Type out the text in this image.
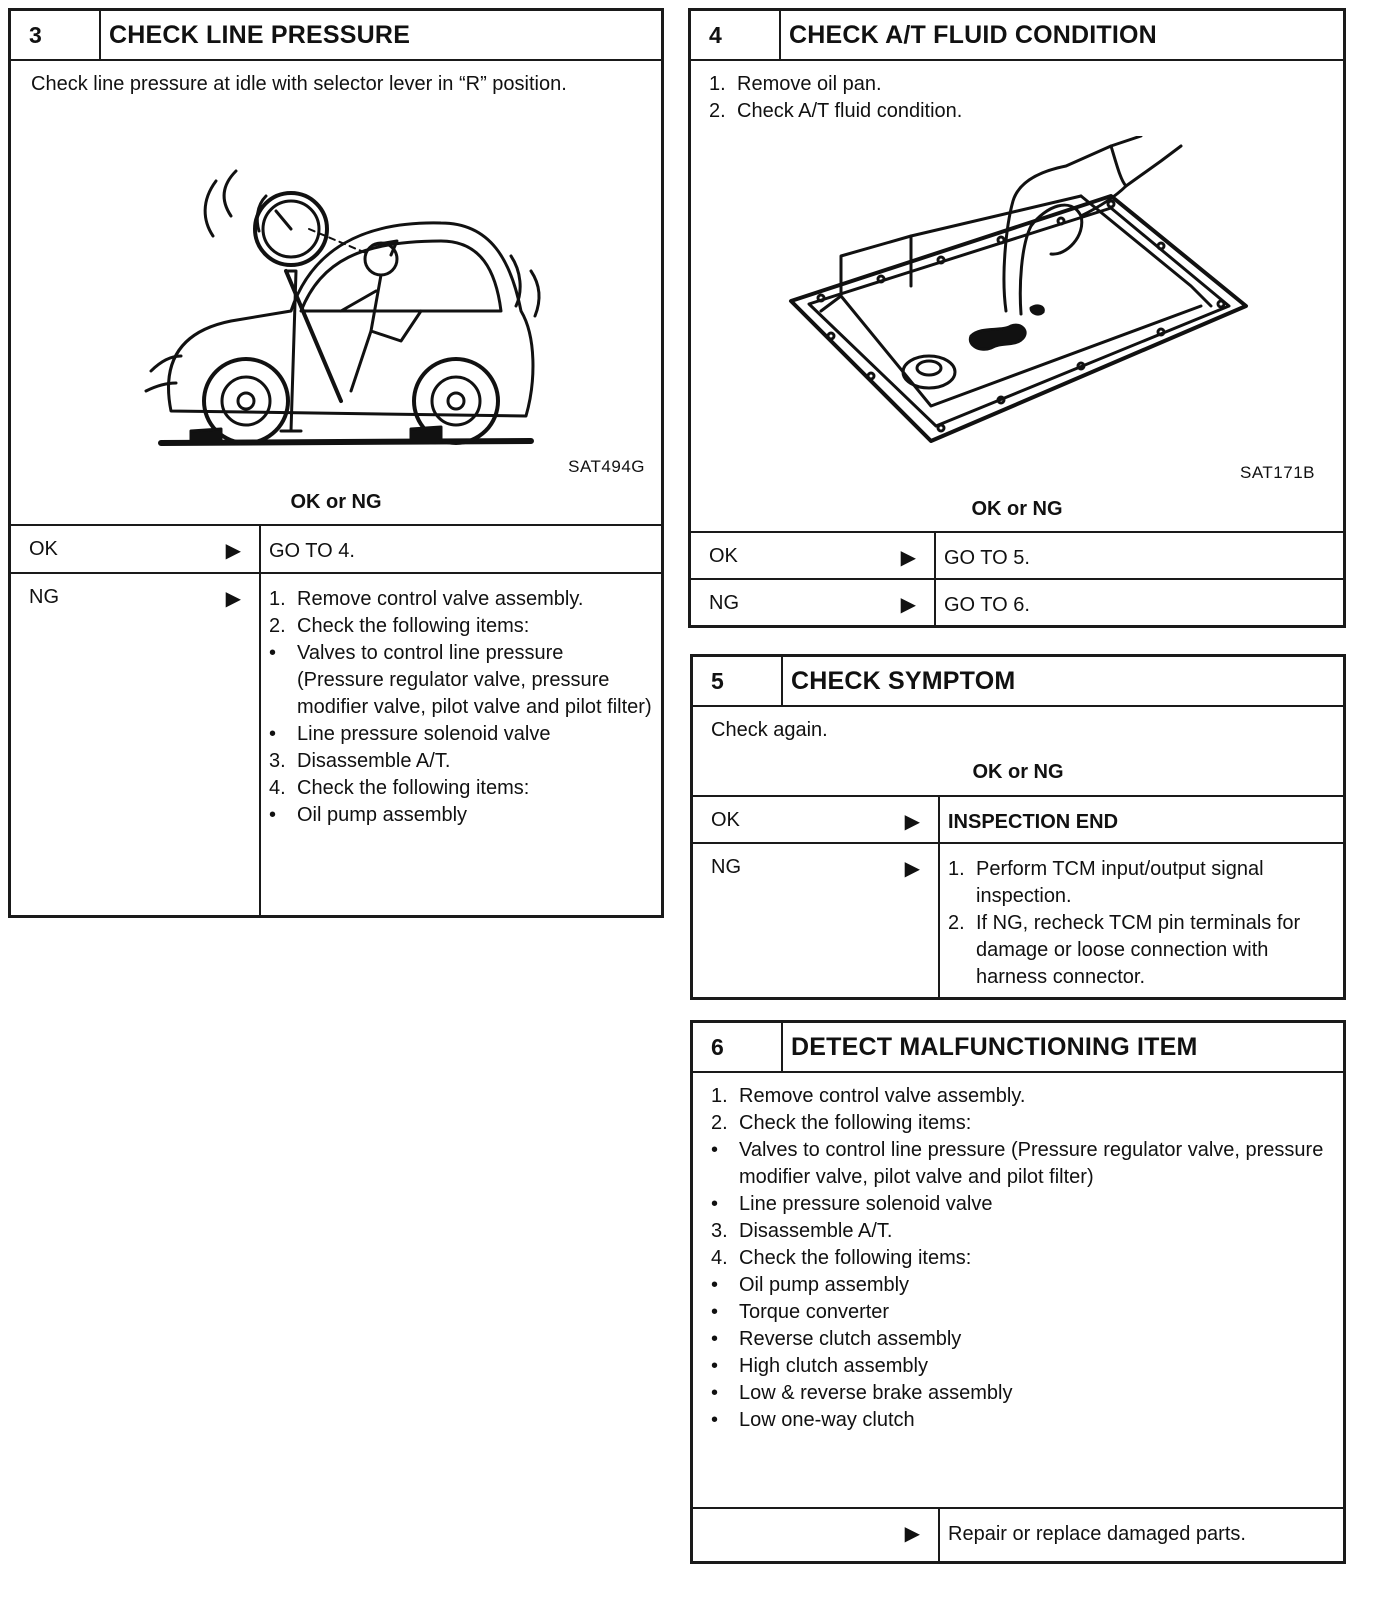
3	CHECK LINE PRESSURE
Check line pressure at idle with selector lever in “R” position.
SAT494G
OK or NG
OK	▶	GO TO 4.
NG	▶ 1. Remove control valve assembly.
2. Check the following items:
•	Valves to control line pressure (Pressure regulator valve, pressure modifier valve, pilot valve and pilot filter)
•	Line pressure solenoid valve
3. Disassemble A/T.
4. Check the following items:
•	Oil pump assembly
4	CHECK A/T FLUID CONDITION
1. Remove oil pan.
2. Check A/T fluid condition.
SAT171B
OK or NG
OK	▶	GO TO 5.
NG	▶	GO TO 6.
5	CHECK SYMPTOM
Check again.
OK or NG
OK	▶	INSPECTION END
NG	▶ 1. Perform TCM input/output signal inspection.
2. If NG, recheck TCM pin terminals for damage or loose connection with harness connector.
6	DETECT MALFUNCTIONING ITEM
1. Remove control valve assembly.
2. Check the following items:
•	Valves to control line pressure (Pressure regulator valve, pressure modifier valve, pilot valve and pilot filter)
•	Line pressure solenoid valve
3. Disassemble A/T.
4. Check the following items:
•	Oil pump assembly
•	Torque converter
•	Reverse clutch assembly
•	High clutch assembly
•	Low & reverse brake assembly
•	Low one-way clutch
▶	Repair or replace damaged parts.
